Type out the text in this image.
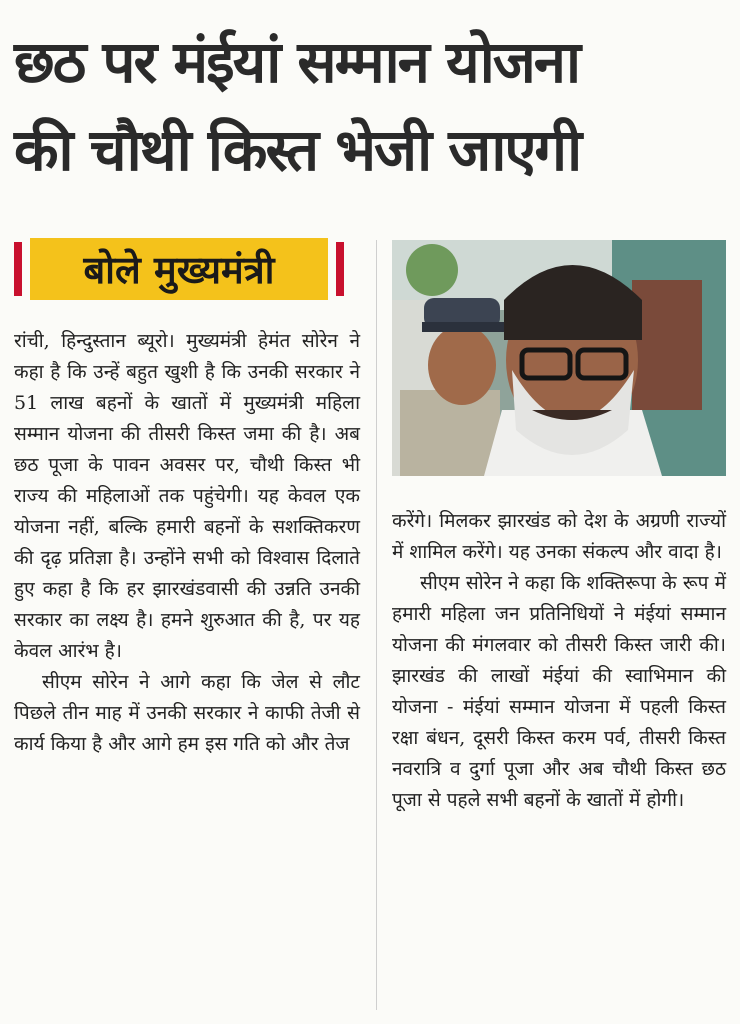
छठ पर मंईयां सम्मान योजना
की चौथी किस्त भेजी जाएगी
बोले मुख्यमंत्री

रांची, हिन्दुस्तान ब्यूरो। मुख्यमंत्री हेमंत सोरेन ने कहा है कि उन्हें बहुत खुशी है कि उनकी सरकार ने 51 लाख बहनों के खातों में मुख्यमंत्री महिला सम्मान योजना की तीसरी किस्त जमा की है। अब छठ पूजा के पावन अवसर पर, चौथी किस्त भी राज्य की महिलाओं तक पहुंचेगी। यह केवल एक योजना नहीं, बल्कि हमारी बहनों के सशक्तिकरण की दृढ़ प्रतिज्ञा है। उन्होंने सभी को विश्वास दिलाते हुए कहा है कि हर झारखंडवासी की उन्नति उनकी सरकार का लक्ष्य है। हमने शुरुआत की है, पर यह केवल आरंभ है।

सीएम सोरेन ने आगे कहा कि जेल से लौट पिछले तीन माह में उनकी सरकार ने काफी तेजी से कार्य किया है और आगे हम इस गति को और तेज

करेंगे। मिलकर झारखंड को देश के अग्रणी राज्यों में शामिल करेंगे। यह उनका संकल्प और वादा है।

सीएम सोरेन ने कहा कि शक्तिरूपा के रूप में हमारी महिला जन प्रतिनिधियों ने मंईयां सम्मान योजना की मंगलवार को तीसरी किस्त जारी की। झारखंड की लाखों मंईयां की स्वाभिमान की योजना - मंईयां सम्मान योजना में पहली किस्त रक्षा बंधन, दूसरी किस्त करम पर्व, तीसरी किस्त नवरात्रि व दुर्गा पूजा और अब चौथी किस्त छठ पूजा से पहले सभी बहनों के खातों में होगी।
